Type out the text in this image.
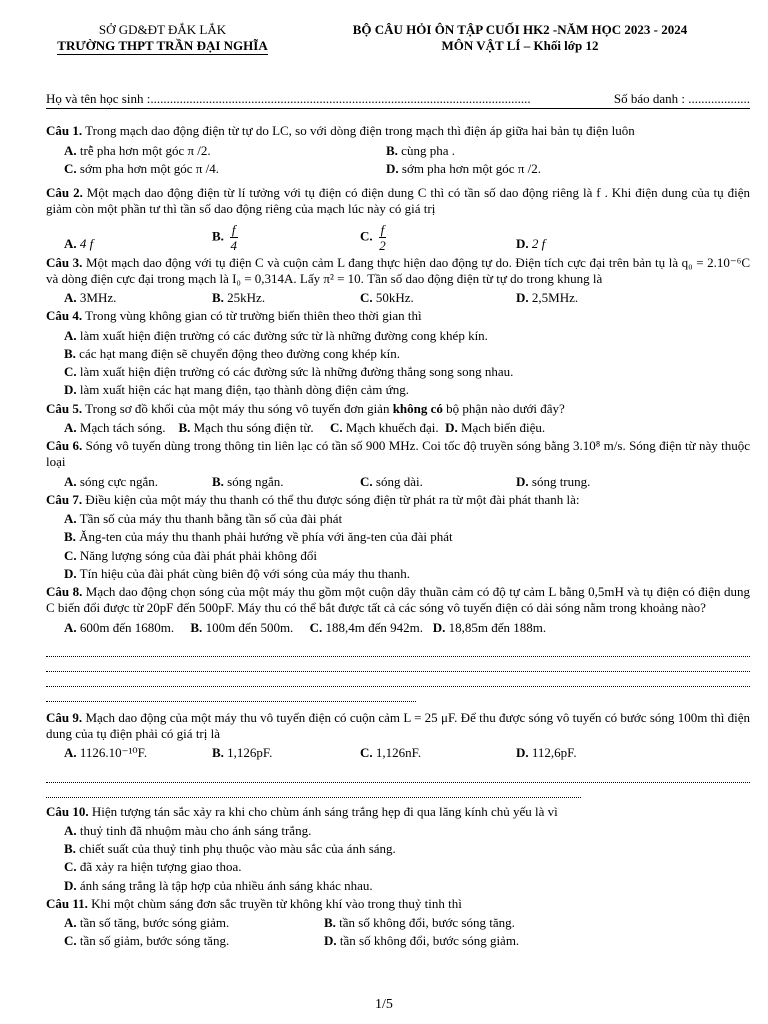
SỞ GD&ĐT ĐẮK LẮK
TRƯỜNG THPT TRẦN ĐẠI NGHĨA
BỘ CÂU HỎI ÔN TẬP CUỐI HK2 -NĂM HỌC 2023 - 2024
MÔN VẬT LÍ – Khối lớp 12
Họ và tên học sinh :.....................................................................................................................	Số báo danh : ...................
Câu 1. Trong mạch dao động điện từ tự do LC, so với dòng điện trong mạch thì điện áp giữa hai bản tụ điện luôn
A. trễ pha hơn một góc π /2.	B. cùng pha .
C. sớm pha hơn một góc π /4.	D. sớm pha hơn một góc π /2.
Câu 2. Một mạch dao động điện từ lí tưởng với tụ điện có điện dung C thì có tần số dao động riêng là f . Khi điện dung của tụ điện giảm còn một phần tư thì tần số dao động riêng của mạch lúc này có giá trị
A. 4 f
B. $\frac{f}{4}$	C. $\frac{f}{2}$	D. 2 f
Câu 3. Một mạch dao động với tụ điện C và cuộn cảm L đang thực hiện dao động tự do. Điện tích cực đại trên bản tụ là q₀ = 2.10⁻⁶C và dòng điện cực đại trong mạch là I₀ = 0,314A. Lấy π² = 10. Tần số dao động điện từ tự do trong khung là
A. 3MHz.	B. 25kHz.	C. 50kHz.	D. 2,5MHz.
Câu 4. Trong vùng không gian có từ trường biến thiên theo thời gian thì
A. làm xuất hiện điện trường có các đường sức từ là những đường cong khép kín.
B. các hạt mang điện sẽ chuyển động theo đường cong khép kín.
C. làm xuất hiện điện trường có các đường sức là những đường thẳng song song nhau.
D. làm xuất hiện các hạt mang điện, tạo thành dòng điện cảm ứng.
Câu 5. Trong sơ đồ khối của một máy thu sóng vô tuyến đơn giản không có bộ phận nào dưới đây?
A. Mạch tách sóng. B. Mạch thu sóng điện từ. C. Mạch khuếch đại. D. Mạch biến điệu.
Câu 6. Sóng vô tuyến dùng trong thông tin liên lạc có tần số 900 MHz. Coi tốc độ truyền sóng bằng 3.10⁸ m/s. Sóng điện từ này thuộc loại
A. sóng cực ngắn.	B. sóng ngắn.	C. sóng dài.	D. sóng trung.
Câu 7. Điều kiện của một máy thu thanh có thể thu được sóng điện từ phát ra từ một đài phát thanh là:
A. Tần số của máy thu thanh bằng tần số của đài phát
B. Ăng-ten của máy thu thanh phải hướng về phía với ăng-ten của đài phát
C. Năng lượng sóng của đài phát phải không đổi
D. Tín hiệu của đài phát cùng biên độ với sóng của máy thu thanh.
Câu 8. Mạch dao động chọn sóng của một máy thu gồm một cuộn dây thuần cảm có độ tự cảm L bằng 0,5mH và tụ điện có điện dung C biến đổi được từ 20pF đến 500pF. Máy thu có thể bắt được tất cả các sóng vô tuyến điện có dải sóng nằm trong khoảng nào?
A. 600m đến 1680m. B. 100m đến 500m. C. 188,4m đến 942m. D. 18,85m đến 188m.
Câu 9. Mạch dao động của một máy thu vô tuyến điện có cuộn cảm L = 25 μF. Để thu được sóng vô tuyến có bước sóng 100m thì điện dung của tụ điện phải có giá trị là
A. 1126.10⁻¹⁰F.	B. 1,126pF.	C. 1,126nF.	D. 112,6pF.
Câu 10. Hiện tượng tán sắc xảy ra khi cho chùm ánh sáng trắng hẹp đi qua lăng kính chủ yếu là vì
A. thuỷ tinh đã nhuộm màu cho ánh sáng trắng.
B. chiết suất của thuỷ tinh phụ thuộc vào màu sắc của ánh sáng.
C. đã xảy ra hiện tượng giao thoa.
D. ánh sáng trắng là tập hợp của nhiều ánh sáng khác nhau.
Câu 11. Khi một chùm sáng đơn sắc truyền từ không khí vào trong thuỷ tinh thì
A. tần số tăng, bước sóng giảm.	B. tần số không đổi, bước sóng tăng.
C. tần số giảm, bước sóng tăng.	D. tần số không đổi, bước sóng giảm.
1/5
